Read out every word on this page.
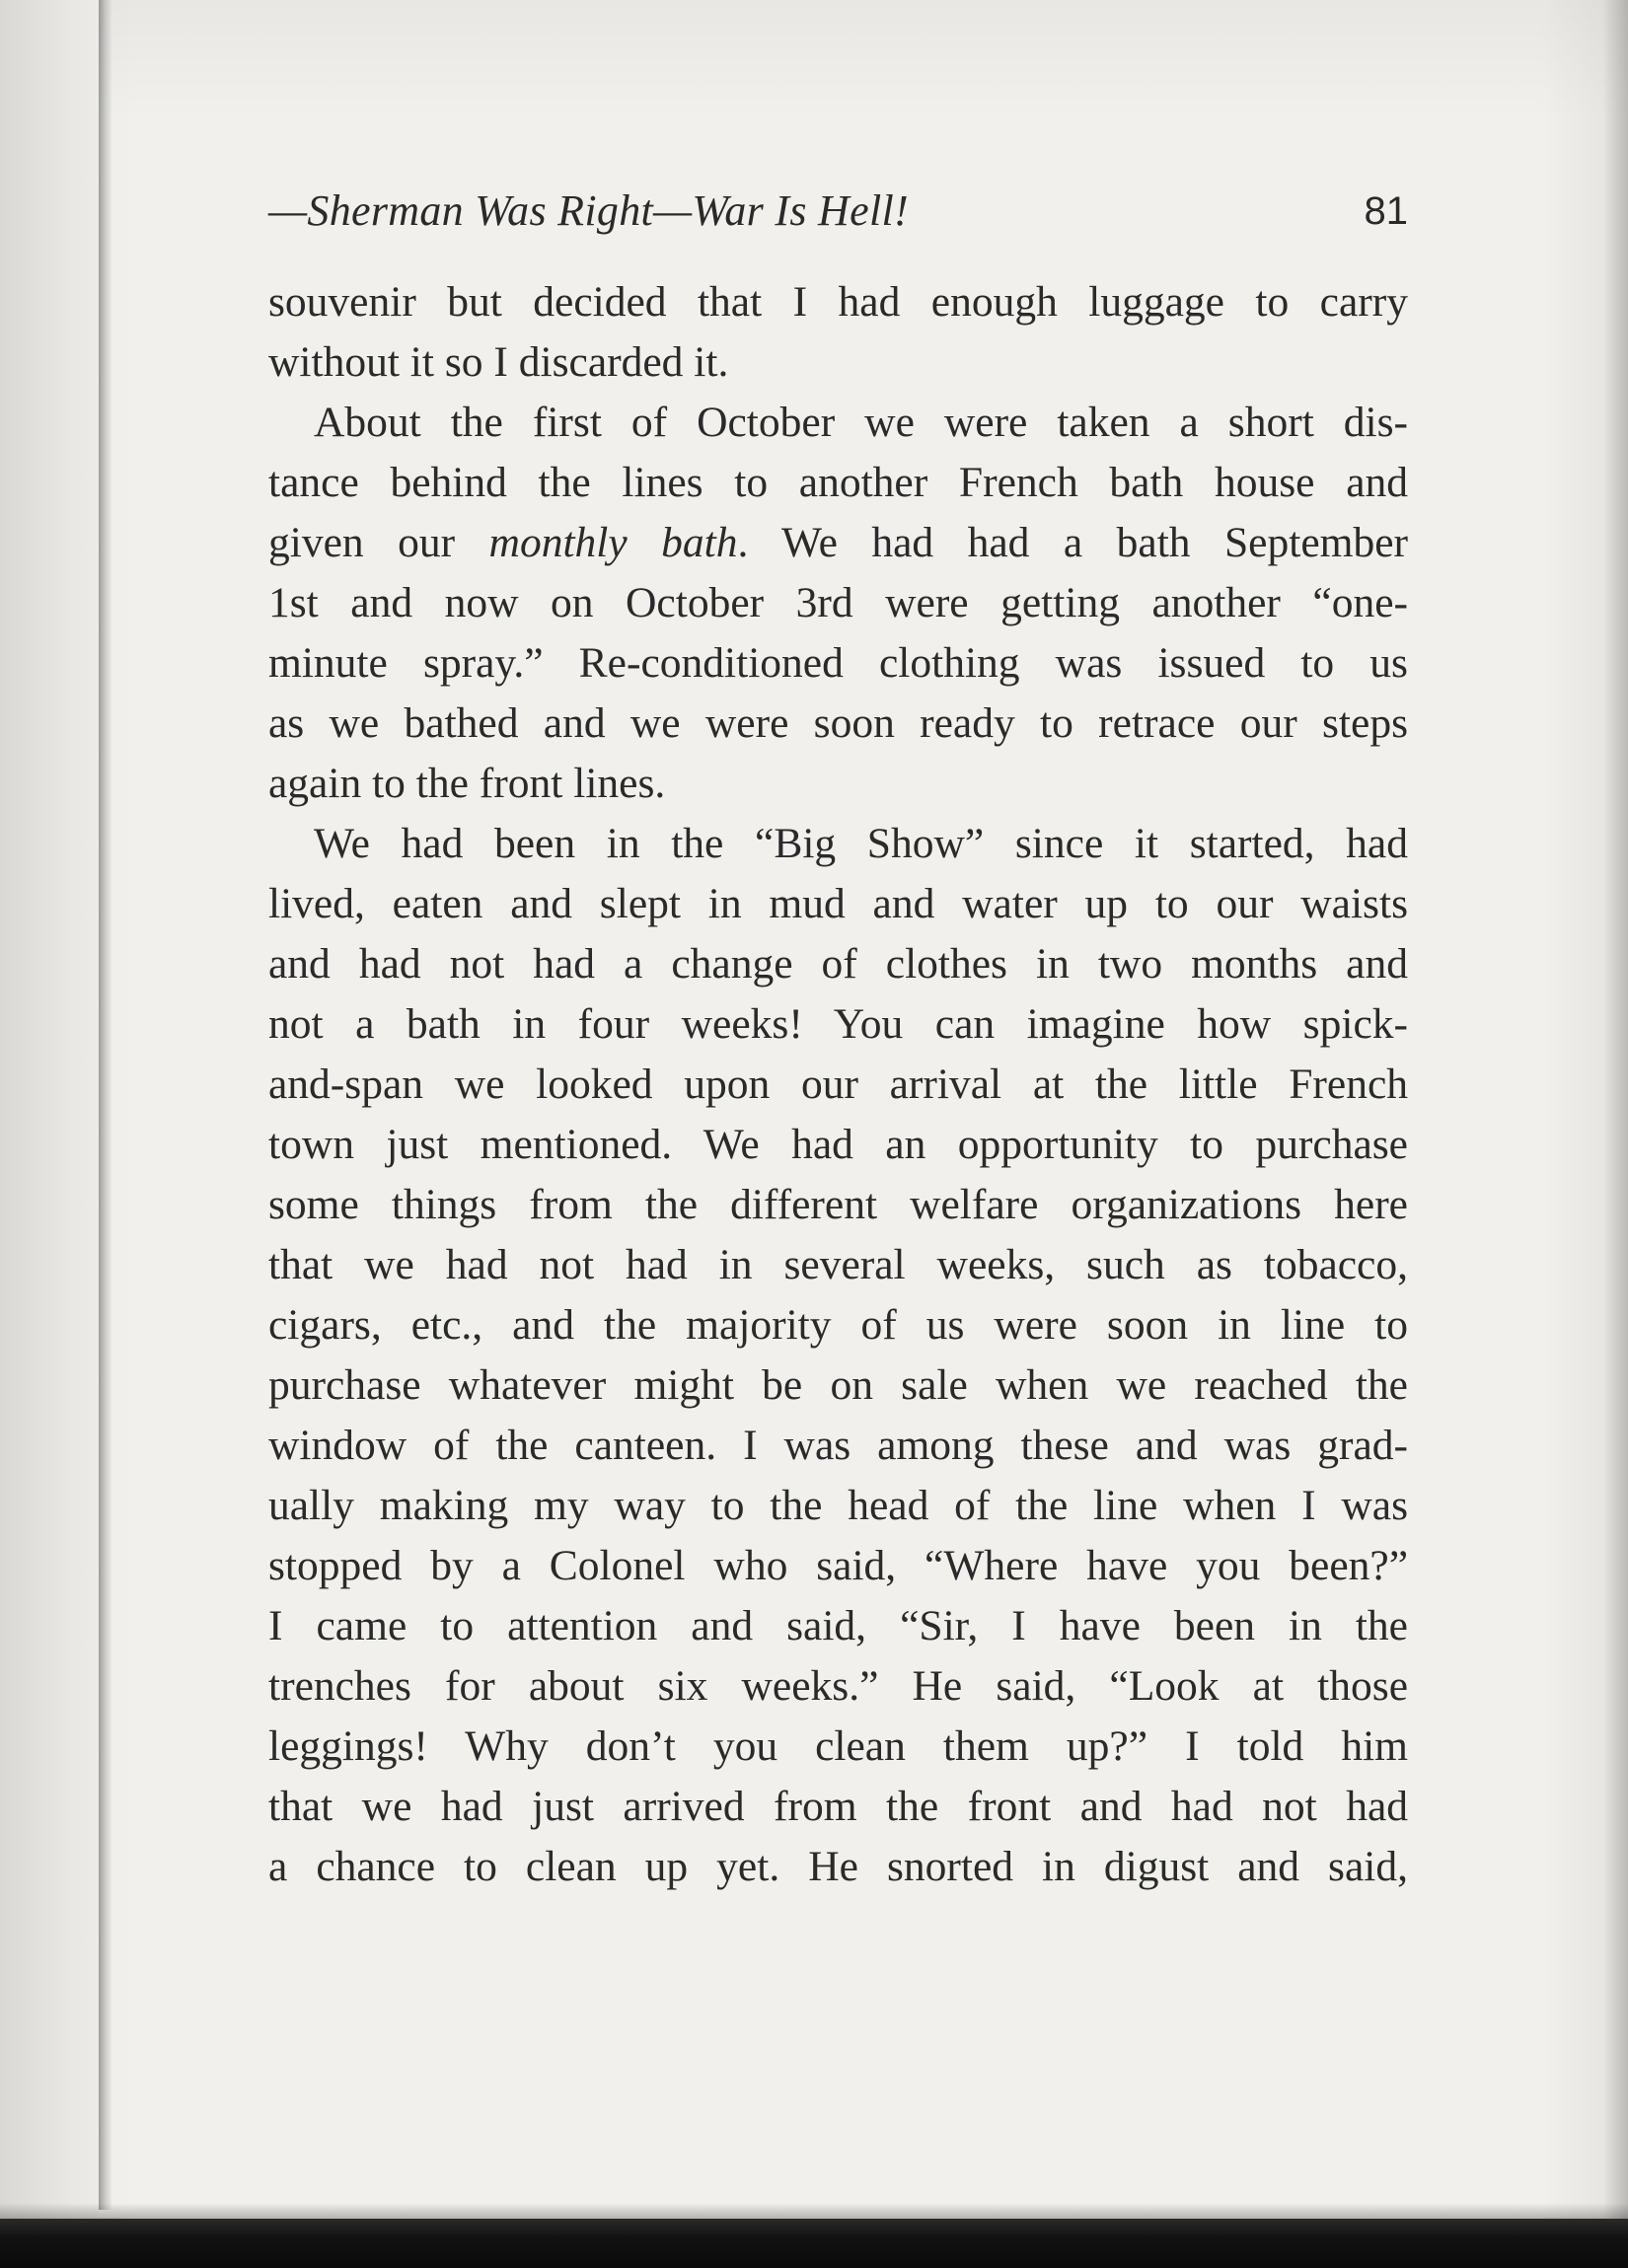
—Sherman Was Right—War Is Hell!	81
souvenir but decided that I had enough luggage to carry
without it so I discarded it.
About the first of October we were taken a short dis-
tance behind the lines to another French bath house and
given our monthly bath. We had had a bath September
1st and now on October 3rd were getting another “one-
minute spray.” Re-conditioned clothing was issued to us
as we bathed and we were soon ready to retrace our steps
again to the front lines.
We had been in the “Big Show” since it started, had
lived, eaten and slept in mud and water up to our waists
and had not had a change of clothes in two months and
not a bath in four weeks! You can imagine how spick-
and-span we looked upon our arrival at the little French
town just mentioned. We had an opportunity to purchase
some things from the different welfare organizations here
that we had not had in several weeks, such as tobacco,
cigars, etc., and the majority of us were soon in line to
purchase whatever might be on sale when we reached the
window of the canteen. I was among these and was grad-
ually making my way to the head of the line when I was
stopped by a Colonel who said, “Where have you been?”
I came to attention and said, “Sir, I have been in the
trenches for about six weeks.” He said, “Look at those
leggings! Why don’t you clean them up?” I told him
that we had just arrived from the front and had not had
a chance to clean up yet. He snorted in digust and said,
